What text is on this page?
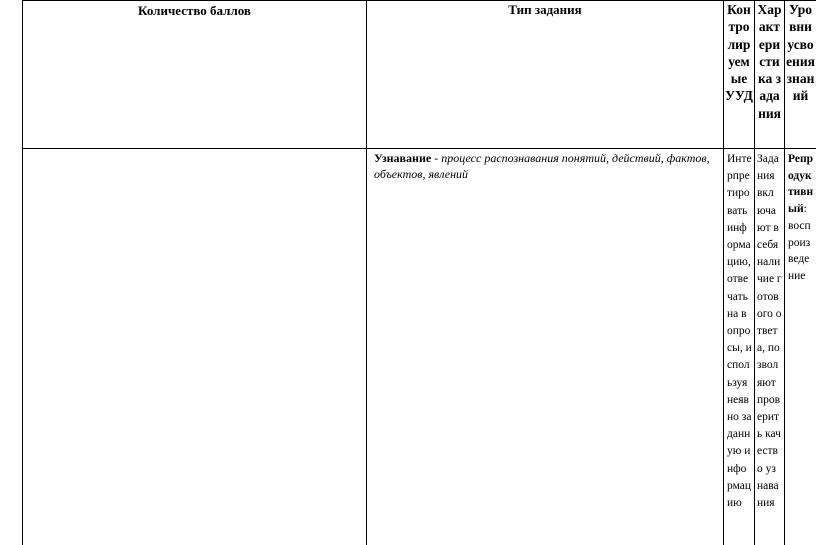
Количество баллов	Тип задания	Контролируемые УУД
Характеристика задания
Уровни усвоения знаний
Узнавание - процесс распознавания понятий, действий, фактов, объектов, явлений
Интерпретировать информацию, отвечать на вопросы, используя неявно заданную информацию
Задания включают в себя наличие готового ответа, позволяют проверить качество узнавания
Репродуктивный: воспроизведение
